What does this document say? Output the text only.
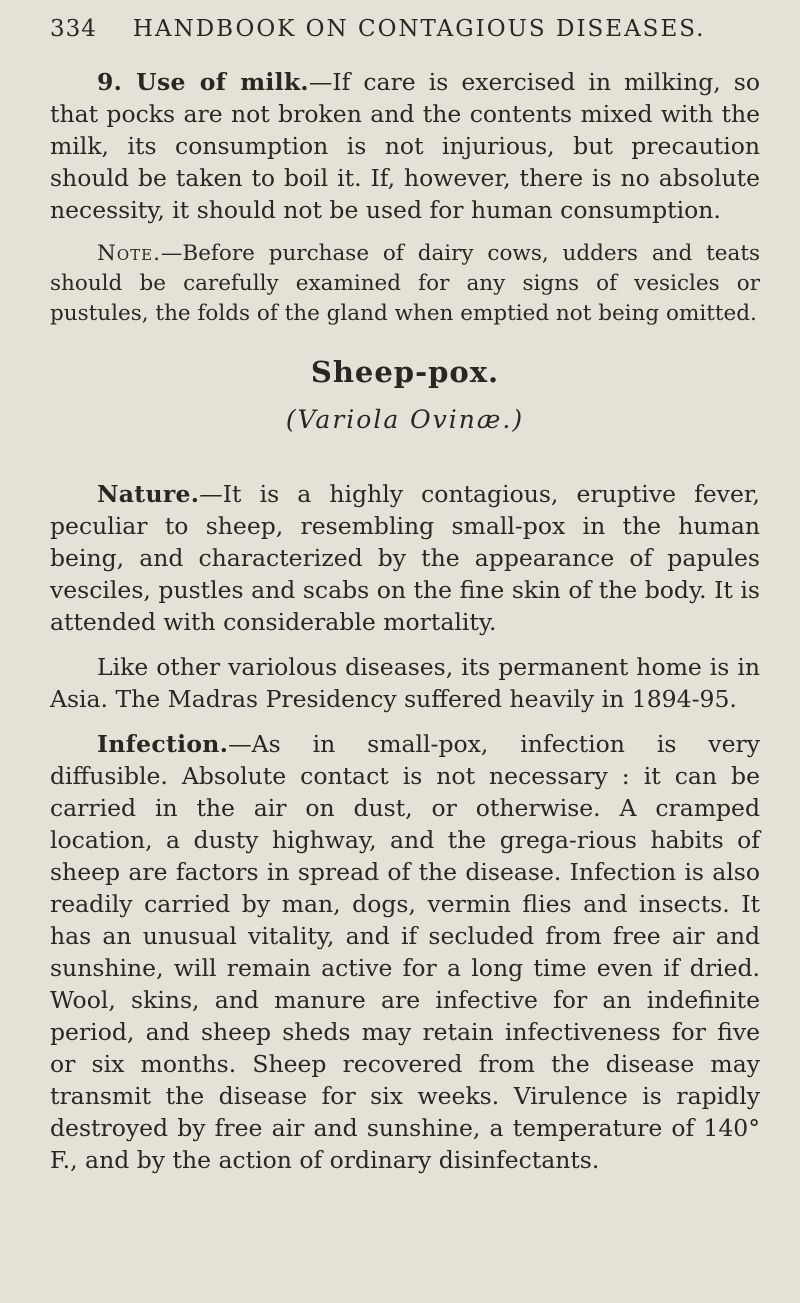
334 HANDBOOK ON CONTAGIOUS DISEASES.

9. Use of milk.—If care is exercised in milking, so that pocks are not broken and the contents mixed with the milk, its consumption is not injurious, but precaution should be taken to boil it. If, however, there is no absolute necessity, it should not be used for human consumption.

Note.—Before purchase of dairy cows, udders and teats should be carefully examined for any signs of vesicles or pustules, the folds of the gland when emptied not being omitted.

Sheep-pox.
(Variola Ovinæ.)

Nature.—It is a highly contagious, eruptive fever, peculiar to sheep, resembling small-pox in the human being, and characterized by the appearance of papules vesciles, pustles and scabs on the fine skin of the body. It is attended with considerable mortality.

Like other variolous diseases, its permanent home is in Asia. The Madras Presidency suffered heavily in 1894-95.

Infection.—As in small-pox, infection is very diffusible. Absolute contact is not necessary : it can be carried in the air on dust, or otherwise. A cramped location, a dusty highway, and the grega-rious habits of sheep are factors in spread of the disease. Infection is also readily carried by man, dogs, vermin flies and insects. It has an unusual vitality, and if secluded from free air and sunshine, will remain active for a long time even if dried. Wool, skins, and manure are infective for an indefinite period, and sheep sheds may retain infectiveness for five or six months. Sheep recovered from the disease may transmit the disease for six weeks. Virulence is rapidly destroyed by free air and sunshine, a temperature of 140° F., and by the action of ordinary disinfectants.
